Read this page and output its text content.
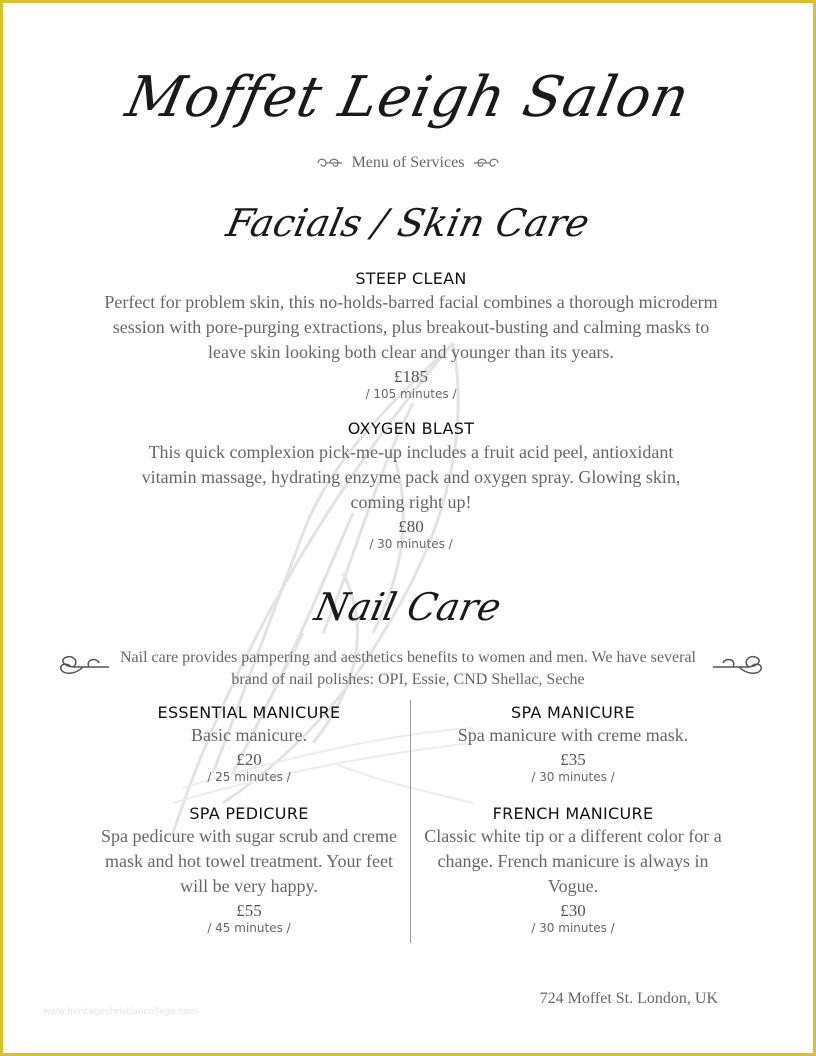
Moffet Leigh Salon
Menu of Services
Facials / Skin Care
STEEP CLEAN
Perfect for problem skin, this no-holds-barred facial combines a thorough microderm session with pore-purging extractions, plus breakout-busting and calming masks to leave skin looking both clear and younger than its years.
£185
/ 105 minutes /
OXYGEN BLAST
This quick complexion pick-me-up includes a fruit acid peel, antioxidant vitamin massage, hydrating enzyme pack and oxygen spray. Glowing skin, coming right up!
£80
/ 30 minutes /
Nail Care
Nail care provides pampering and aesthetics benefits to women and men. We have several brand of nail polishes: OPI, Essie, CND Shellac, Seche
ESSENTIAL MANICURE
Basic manicure.
£20
/ 25 minutes /
SPA MANICURE
Spa manicure with creme mask.
£35
/ 30 minutes /
SPA PEDICURE
Spa pedicure with sugar scrub and creme mask and hot towel treatment. Your feet will be very happy.
£55
/ 45 minutes /
FRENCH MANICURE
Classic white tip or a different color for a change. French manicure is always in Vogue.
£30
/ 30 minutes /
724 Moffet St. London, UK
www.heritagechristiancollege.com
